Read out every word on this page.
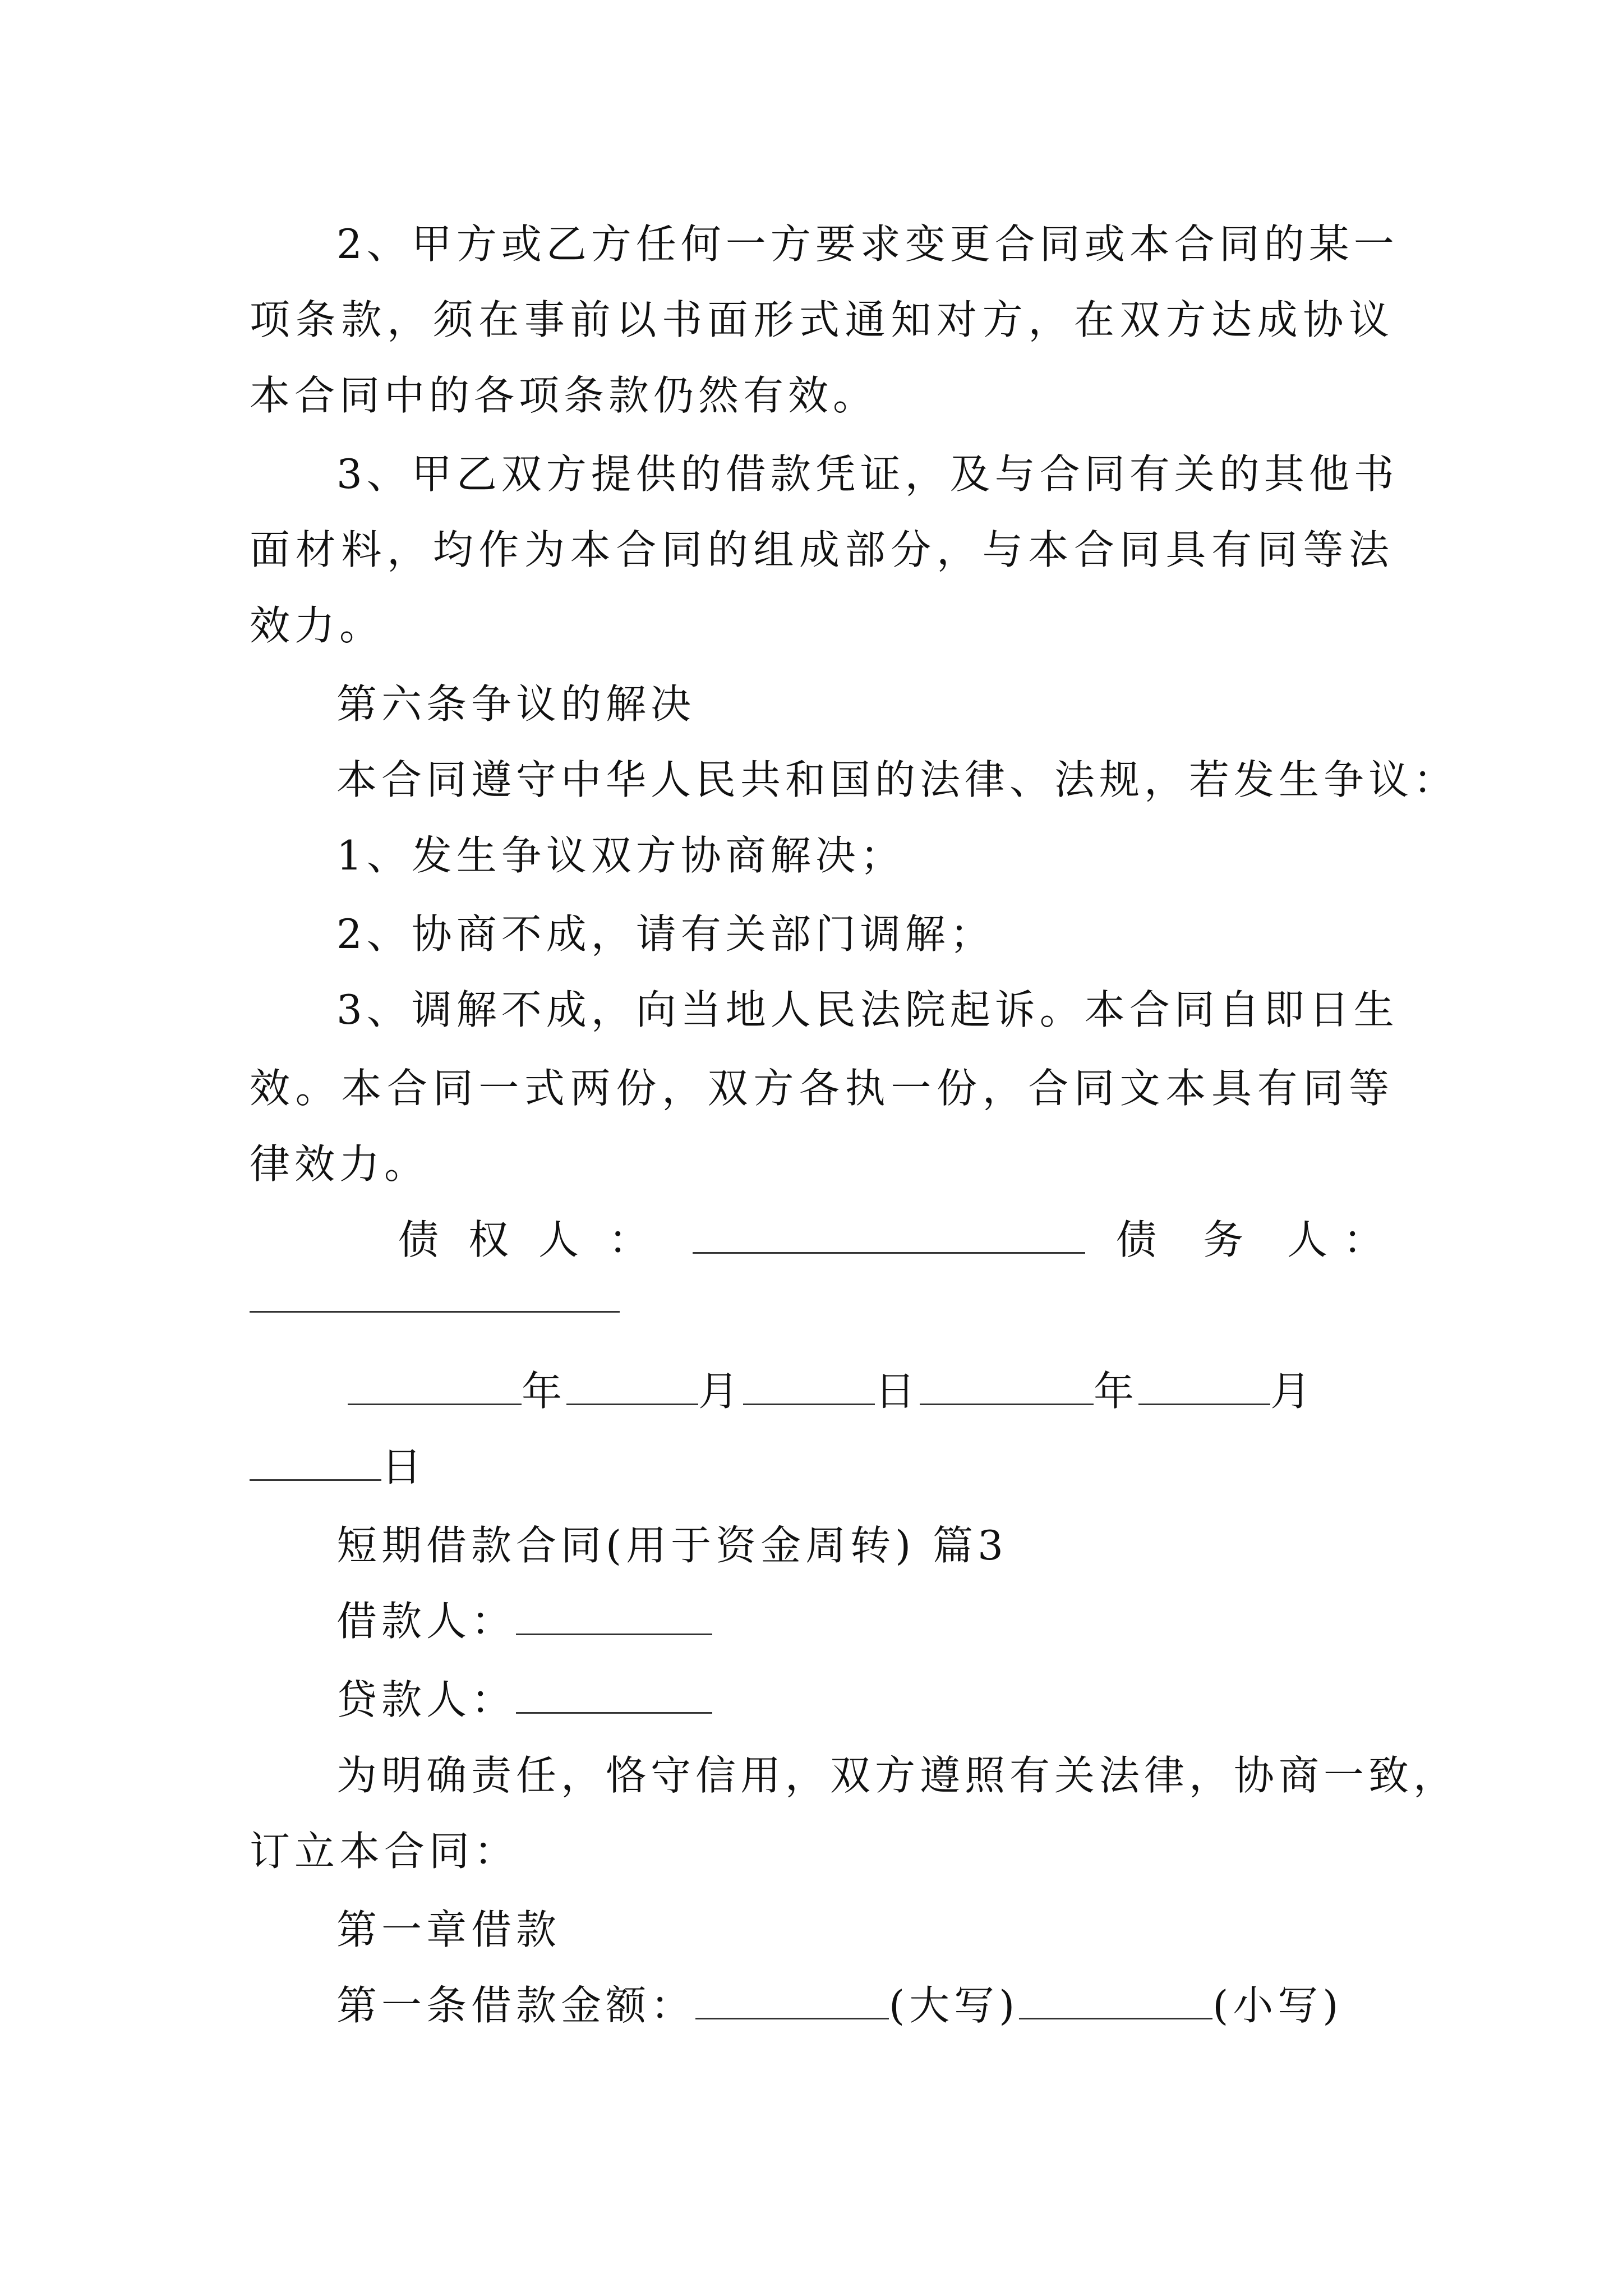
2、甲方或乙方任何一方要求变更合同或本合同的某一
项条款，须在事前以书面形式通知对方，在双方达成协议
本合同中的各项条款仍然有效。
3、甲乙双方提供的借款凭证，及与合同有关的其他书
面材料，均作为本合同的组成部分，与本合同具有同等法
效力。
第六条争议的解决
本合同遵守中华人民共和国的法律、法规，若发生争议：
1、发生争议双方协商解决；
2、协商不成，请有关部门调解；
3、调解不成，向当地人民法院起诉。本合同自即日生
效。本合同一式两份，双方各执一份，合同文本具有同等
律效力。
债 权 人 ：	债 务 人 ：
年	月	日	年	月
日
短期借款合同(用于资金周转) 篇3
借款人：
贷款人：
为明确责任，恪守信用，双方遵照有关法律，协商一致，
订立本合同：
第一章借款
第一条借款金额：	(大写)	(小写)
